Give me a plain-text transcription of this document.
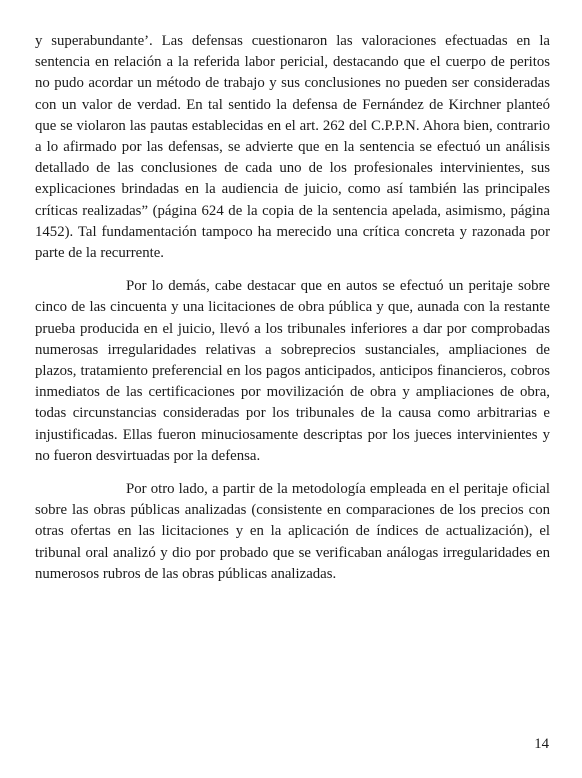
y superabundante’. Las defensas cuestionaron las valoraciones efectuadas en la sentencia en relación a la referida labor pericial, destacando que el cuerpo de peritos no pudo acordar un método de trabajo y sus conclusiones no pueden ser consideradas con un valor de verdad. En tal sentido la defensa de Fernández de Kirchner planteó que se violaron las pautas establecidas en el art. 262 del C.P.P.N. Ahora bien, contrario a lo afirmado por las defensas, se advierte que en la sentencia se efectuó un análisis detallado de las conclusiones de cada uno de los profesionales intervinientes, sus explicaciones brindadas en la audiencia de juicio, como así también las principales críticas realizadas” (página 624 de la copia de la sentencia apelada, asimismo, página 1452). Tal fundamentación tampoco ha merecido una crítica concreta y razonada por parte de la recurrente.

Por lo demás, cabe destacar que en autos se efectuó un peritaje sobre cinco de las cincuenta y una licitaciones de obra pública y que, aunada con la restante prueba producida en el juicio, llevó a los tribunales inferiores a dar por comprobadas numerosas irregularidades relativas a sobreprecios sustanciales, ampliaciones de plazos, tratamiento preferencial en los pagos anticipados, anticipos financieros, cobros inmediatos de las certificaciones por movilización de obra y ampliaciones de obra, todas circunstancias consideradas por los tribunales de la causa como arbitrarias e injustificadas. Ellas fueron minuciosamente descriptas por los jueces intervinientes y no fueron desvirtuadas por la defensa.

Por otro lado, a partir de la metodología empleada en el peritaje oficial sobre las obras públicas analizadas (consistente en comparaciones de los precios con otras ofertas en las licitaciones y en la aplicación de índices de actualización), el tribunal oral analizó y dio por probado que se verificaban análogas irregularidades en numerosos rubros de las obras públicas analizadas.

14
